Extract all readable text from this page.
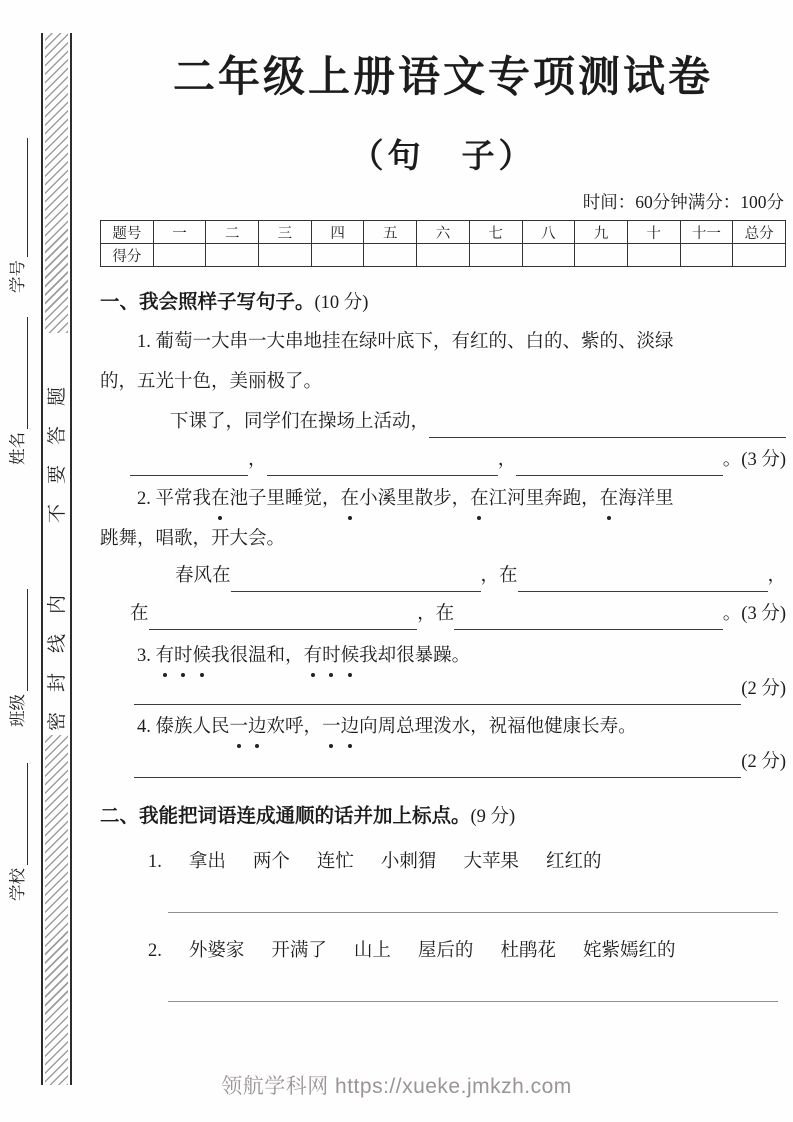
学号
姓名
班级
学校
密封线内
不要答题
二年级上册语文专项测试卷
（句　子）
时间：60分钟满分：100分
题号	一	二	三	四	五	六	七	八	九	十	十一	总分
得分												
一、我会照样子写句子。(10 分)
1. 葡萄一大串一大串地挂在绿叶底下，有红的、白的、紫的、淡绿
的，五光十色，美丽极了。
下课了，同学们在操场上活动，
，	，	。 (3 分)
2. 平常我在池子里睡觉，在小溪里散步，在江河里奔跑，在海洋里
跳舞，唱歌，开大会。
春风在	，在	，
在	，在	。 (3 分)
3. 有时候我很温和，有时候我却很暴躁。
(2 分)
4. 傣族人民一边欢呼，一边向周总理泼水，祝福他健康长寿。
(2 分)
二、我能把词语连成通顺的话并加上标点。(9 分)
1. 拿出 两个 连忙 小刺猬 大苹果 红红的
2. 外婆家 开满了 山上 屋后的 杜鹃花 姹紫嫣红的
领航学科网 https://xueke.jmkzh.com
